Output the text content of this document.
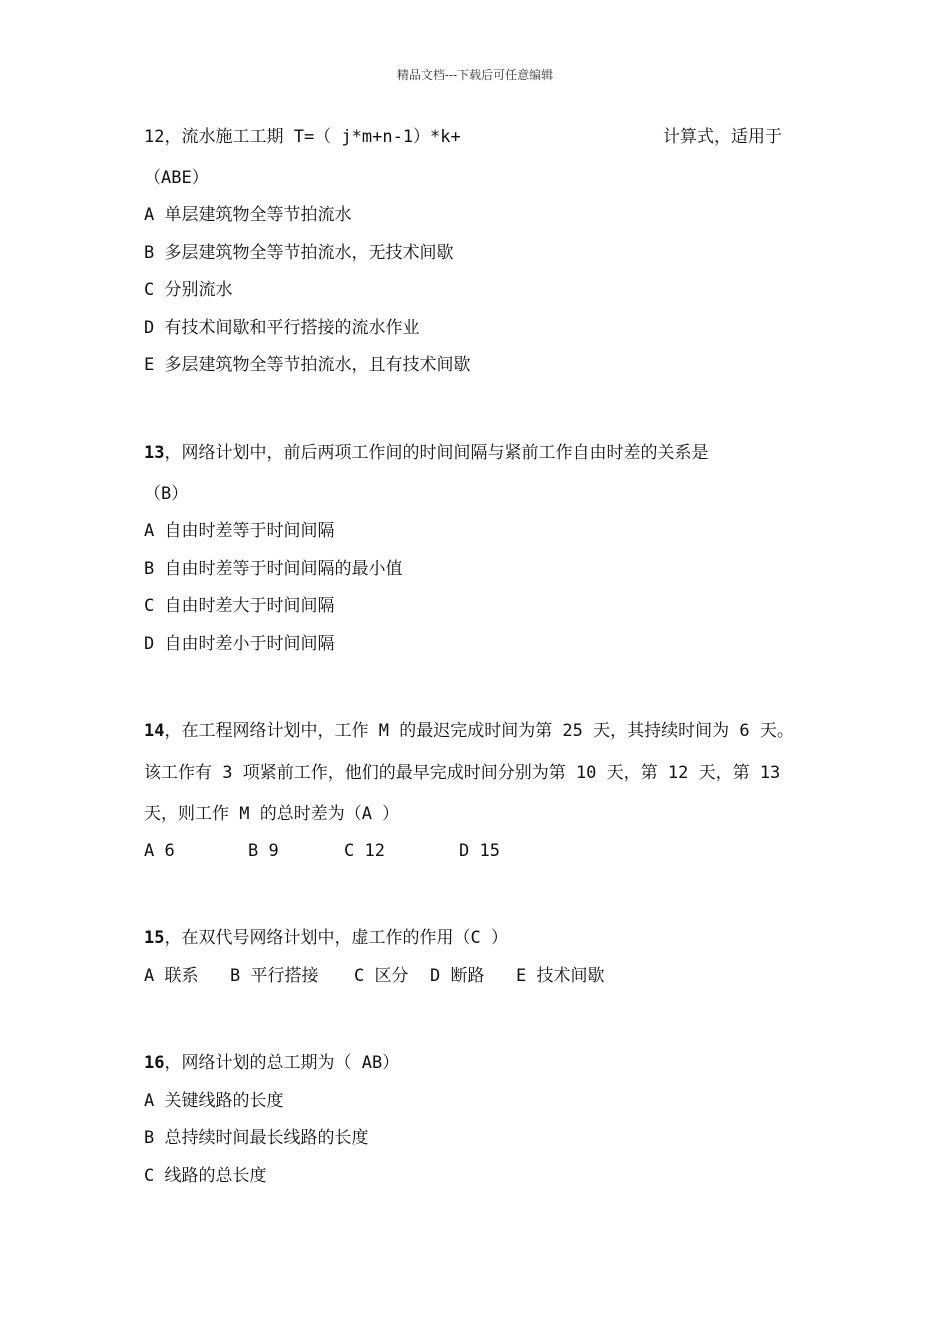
精品文档---下载后可任意编辑
12，流水施工工期 T=（ j*m+n-1）*k+	计算式，适用于
（ABE）
A 单层建筑物全等节拍流水
B 多层建筑物全等节拍流水，无技术间歇
C 分别流水
D 有技术间歇和平行搭接的流水作业
E 多层建筑物全等节拍流水，且有技术间歇
13，网络计划中，前后两项工作间的时间间隔与紧前工作自由时差的关系是
（B）
A 自由时差等于时间间隔
B 自由时差等于时间间隔的最小值
C 自由时差大于时间间隔
D 自由时差小于时间间隔
14，在工程网络计划中，工作 M 的最迟完成时间为第 25 天，其持续时间为 6 天。
该工作有 3 项紧前工作，他们的最早完成时间分别为第 10 天，第 12 天，第 13
天，则工作 M 的总时差为（A ）
A 6	B 9	C 12	D 15
15，在双代号网络计划中，虚工作的作用（C ）
A 联系 B 平行搭接 C 区分 D 断路 E 技术间歇
16，网络计划的总工期为（ AB）
A 关键线路的长度
B 总持续时间最长线路的长度
C 线路的总长度
